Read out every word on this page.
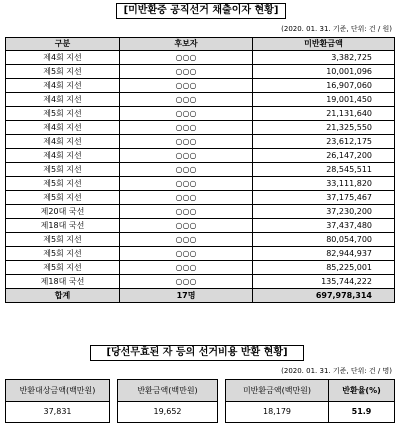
[미반환중 공직선거 채출이자 현황]
(2020. 01. 31. 기준, 단위: 건 / 원)
구분	후보자	미반환금액
제4회 지선	○○○	3,382,725
제5회 지선	○○○	10,001,096
제4회 지선	○○○	16,907,060
제4회 지선	○○○	19,001,450
제5회 지선	○○○	21,131,640
제4회 지선	○○○	21,325,550
제4회 지선	○○○	23,612,175
제4회 지선	○○○	26,147,200
제5회 지선	○○○	28,545,511
제5회 지선	○○○	33,111,820
제5회 지선	○○○	37,175,467
제20대 국선	○○○	37,230,200
제18대 국선	○○○	37,437,480
제5회 지선	○○○	80,054,700
제5회 지선	○○○	82,944,937
제5회 지선	○○○	85,225,001
제18대 국선	○○○	135,744,222
합계	17명	697,978,314
[당선무효된 자 등의 선거비용 반환 현황]
(2020. 01. 31. 기준, 단위: 건 / 명)
반환대상금액(백만원)		반환금액(백만원)		미반환금액(백만원)	반환율(%)
37,831		19,652		18,179	51.9
